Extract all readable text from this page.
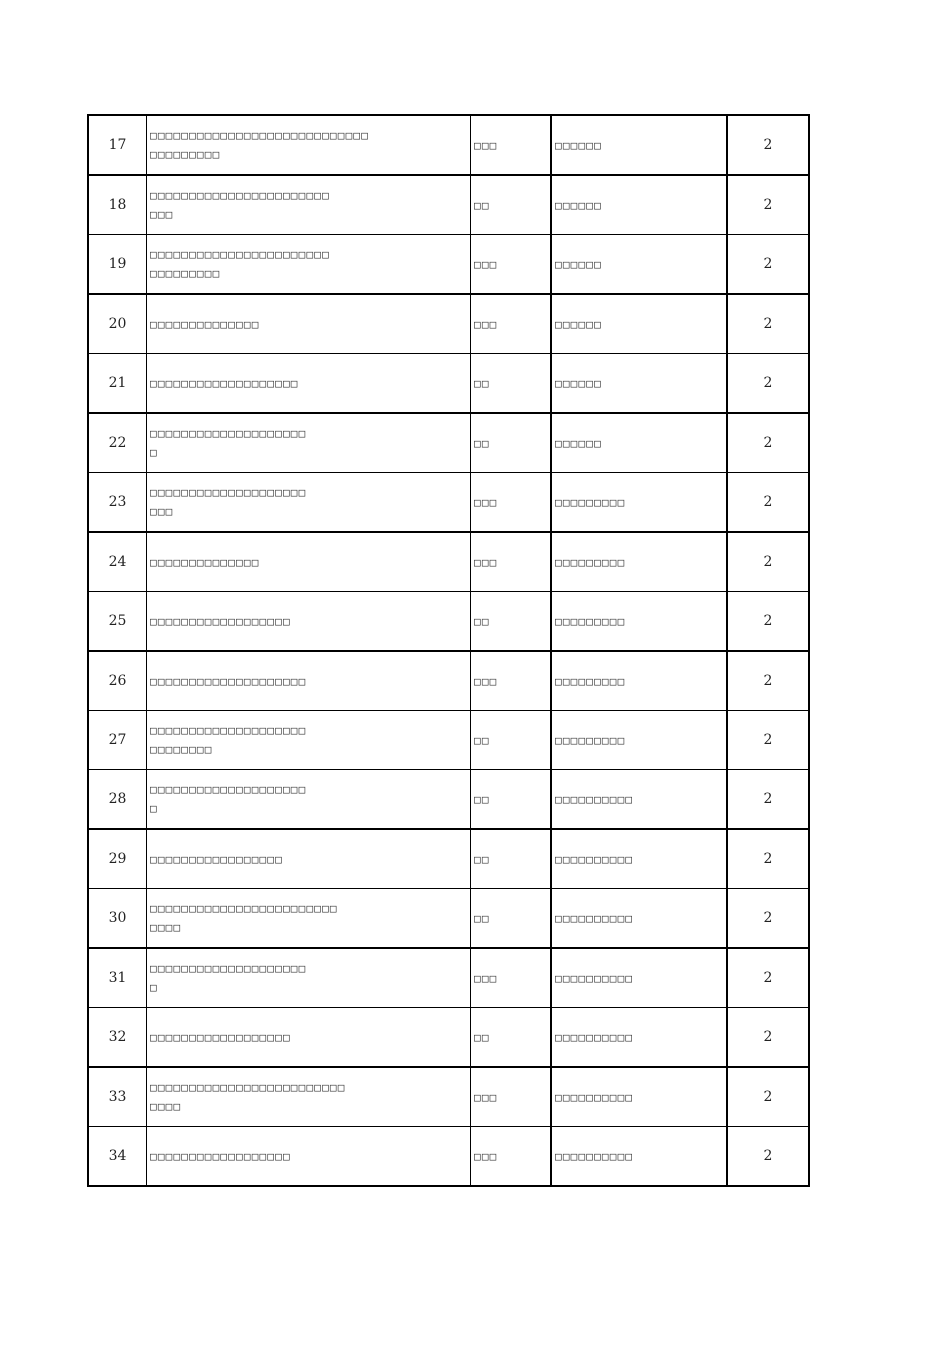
17	□□□□□□□□□□□□□□□□□□□□□□□□□□□□
□□□□□□□□□	□□□	□□□□□□	2
18	□□□□□□□□□□□□□□□□□□□□□□□
□□□	□□	□□□□□□	2
19	□□□□□□□□□□□□□□□□□□□□□□□
□□□□□□□□□	□□□	□□□□□□	2
20	□□□□□□□□□□□□□□	□□□	□□□□□□	2
21	□□□□□□□□□□□□□□□□□□□	□□	□□□□□□	2
22	□□□□□□□□□□□□□□□□□□□□
□	□□	□□□□□□	2
23	□□□□□□□□□□□□□□□□□□□□
□□□	□□□	□□□□□□□□□	2
24	□□□□□□□□□□□□□□	□□□	□□□□□□□□□	2
25	□□□□□□□□□□□□□□□□□□	□□	□□□□□□□□□	2
26	□□□□□□□□□□□□□□□□□□□□	□□□	□□□□□□□□□	2
27	□□□□□□□□□□□□□□□□□□□□
□□□□□□□□	□□	□□□□□□□□□	2
28	□□□□□□□□□□□□□□□□□□□□
□	□□	□□□□□□□□□□	2
29	□□□□□□□□□□□□□□□□□	□□	□□□□□□□□□□	2
30	□□□□□□□□□□□□□□□□□□□□□□□□
□□□□	□□	□□□□□□□□□□	2
31	□□□□□□□□□□□□□□□□□□□□
□	□□□	□□□□□□□□□□	2
32	□□□□□□□□□□□□□□□□□□	□□	□□□□□□□□□□	2
33	□□□□□□□□□□□□□□□□□□□□□□□□□
□□□□	□□□	□□□□□□□□□□	2
34	□□□□□□□□□□□□□□□□□□	□□□	□□□□□□□□□□	2
